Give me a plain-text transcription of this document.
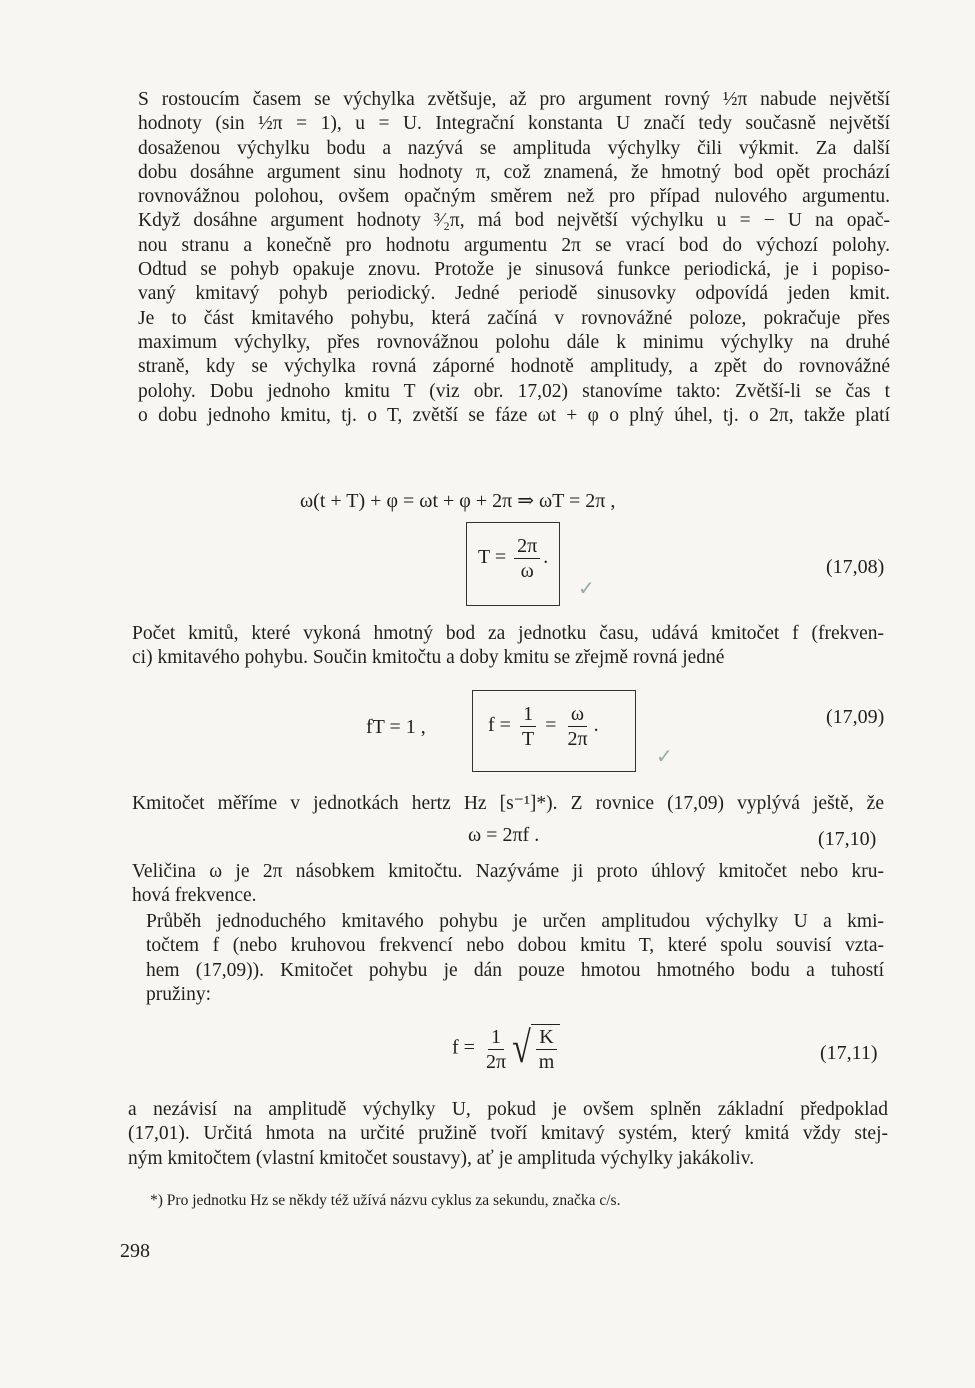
S rostoucím časem se výchylka zvětšuje, až pro argument rovný ½π nabude největší
hodnoty (sin ½π = 1), u = U. Integrační konstanta U značí tedy současně největší
dosaženou výchylku bodu a nazývá se amplituda výchylky čili výkmit. Za další
dobu dosáhne argument sinu hodnoty π, což znamená, že hmotný bod opět prochází
rovnovážnou polohou, ovšem opačným směrem než pro případ nulového argumentu.
Když dosáhne argument hodnoty ³⁄₂π, má bod největší výchylku u = − U na opač-
nou stranu a konečně pro hodnotu argumentu 2π se vrací bod do výchozí polohy.
Odtud se pohyb opakuje znovu. Protože je sinusová funkce periodická, je i popiso-
vaný kmitavý pohyb periodický. Jedné periodě sinusovky odpovídá jeden kmit.
Je to část kmitavého pohybu, která začíná v rovnovážné poloze, pokračuje přes
maximum výchylky, přes rovnovážnou polohu dále k minimu výchylky na druhé
straně, kdy se výchylka rovná záporné hodnotě amplitudy, a zpět do rovnovážné
polohy. Dobu jednoho kmitu T (viz obr. 17,02) stanovíme takto: Zvětší-li se čas t
o dobu jednoho kmitu, tj. o T, zvětší se fáze ωt + φ o plný úhel, tj. o 2π, takže platí
ω(t + T) + φ = ωt + φ + 2π ⇒ ωT = 2π ,
$T = \frac{2\pi}{\omega}$ .	(17,08)
✓
Počet kmitů, které vykoná hmotný bod za jednotku času, udává kmitočet f (frekven-
ci) kmitavého pohybu. Součin kmitočtu a doby kmitu se zřejmě rovná jedné
fT = 1 ,	$f = \frac{1}{T} = \frac{\omega}{2\pi}$ .	(17,09)
✓
Kmitočet měříme v jednotkách hertz Hz [s⁻¹]*). Z rovnice (17,09) vyplývá ještě, že
ω = 2πf .	(17,10)
Veličina ω je 2π násobkem kmitočtu. Nazýváme ji proto úhlový kmitočet nebo kru-
hová frekvence.
Průběh jednoduchého kmitavého pohybu je určen amplitudou výchylky U a kmi-
točtem f (nebo kruhovou frekvencí nebo dobou kmitu T, které spolu souvisí vzta-
hem (17,09)). Kmitočet pohybu je dán pouze hmotou hmotného bodu a tuhostí
pružiny:
$f = \frac{1}{2\pi}$ √ $\frac{K}{m}$	(17,11)
a nezávisí na amplitudě výchylky U, pokud je ovšem splněn základní předpoklad
(17,01). Určitá hmota na určité pružině tvoří kmitavý systém, který kmitá vždy stej-
ným kmitočtem (vlastní kmitočet soustavy), ať je amplituda výchylky jakákoliv.
*) Pro jednotku Hz se někdy též užívá názvu cyklus za sekundu, značka c/s.
298
